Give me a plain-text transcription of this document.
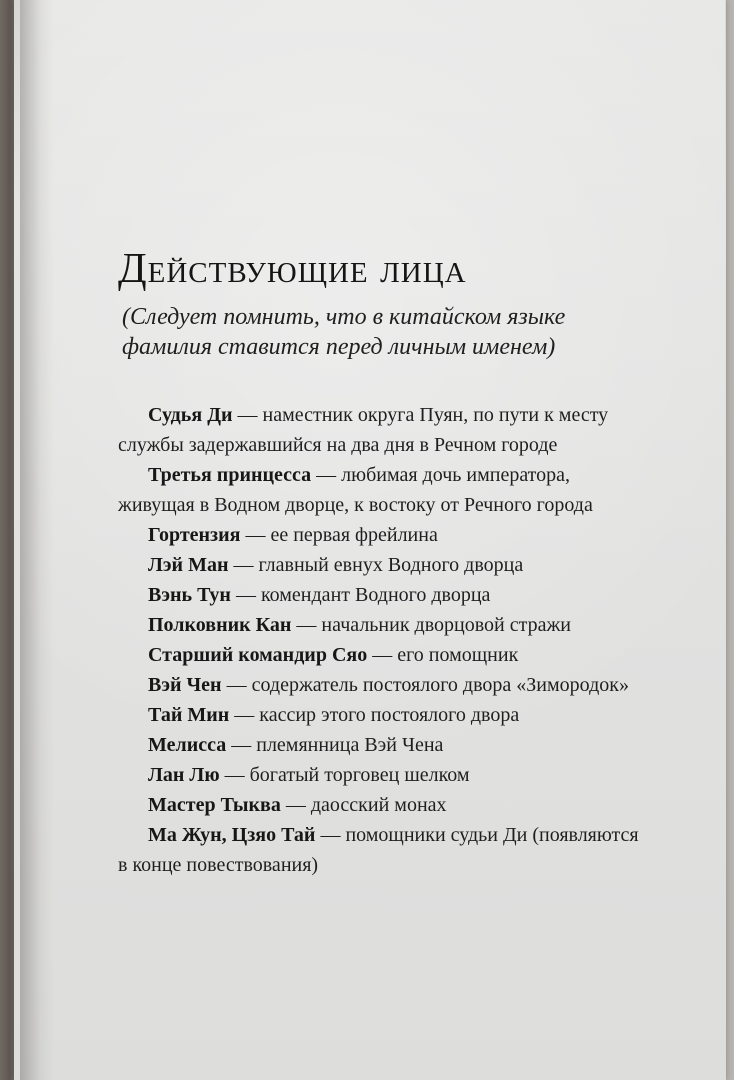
Действующие лица

(Следует помнить, что в китайском языке фамилия ставится перед личным именем)

Судья Ди — наместник округа Пуян, по пути к месту службы задержавшийся на два дня в Речном городе

Третья принцесса — любимая дочь императора, живущая в Водном дворце, к востоку от Речного города

Гортензия — ее первая фрейлина

Лэй Ман — главный евнух Водного дворца

Вэнь Тун — комендант Водного дворца

Полковник Кан — начальник дворцовой стражи

Старший командир Сяо — его помощник

Вэй Чен — содержатель постоялого двора «Зимородок»

Тай Мин — кассир этого постоялого двора

Мелисса — племянница Вэй Чена

Лан Лю — богатый торговец шелком

Мастер Тыква — даосский монах

Ма Жун, Цзяо Тай — помощники судьи Ди (появляются в конце повествования)
